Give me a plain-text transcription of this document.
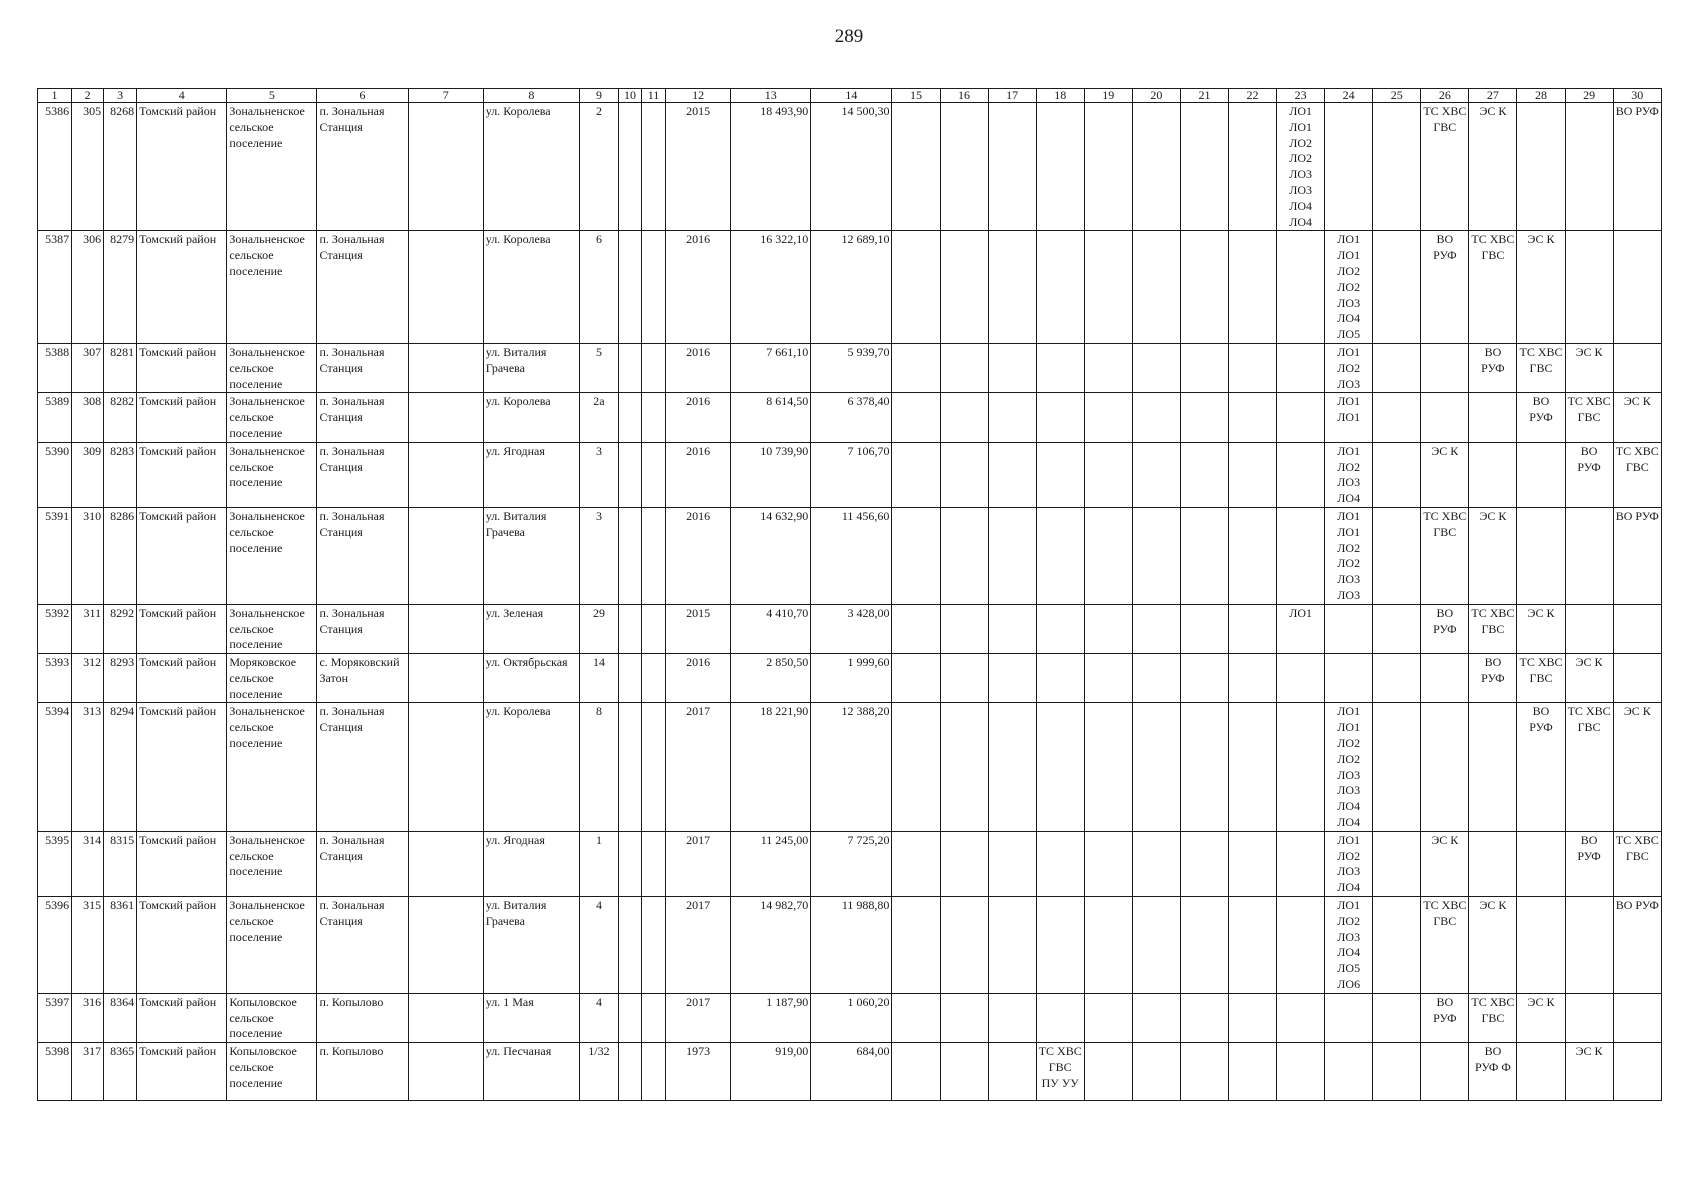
289
1	2	3	4	5	6	7	8	9	10	11	12	13	14	15	16	17	18	19	20	21	22	23	24	25	26	27	28	29	30
5386	305	8268	Томский район	Зональненское сельское поселение	п. Зональная Станция		ул. Королева	2			2015	18 493,90	14 500,30									ЛО1 ЛО1 ЛО2 ЛО2 ЛО3 ЛО3 ЛО4 ЛО4			ТС ХВС ГВС	ЭС К			ВО РУФ
5387	306	8279	Томский район	Зональненское сельское поселение	п. Зональная Станция		ул. Королева	6			2016	16 322,10	12 689,10										ЛО1 ЛО1 ЛО2 ЛО2 ЛО3 ЛО4 ЛО5		ВО РУФ	ТС ХВС ГВС	ЭС К		
5388	307	8281	Томский район	Зональненское сельское поселение	п. Зональная Станция		ул. Виталия Грачева	5			2016	7 661,10	5 939,70										ЛО1 ЛО2 ЛО3			ВО РУФ	ТС ХВС ГВС	ЭС К	
5389	308	8282	Томский район	Зональненское сельское поселение	п. Зональная Станция		ул. Королева	2а			2016	8 614,50	6 378,40										ЛО1 ЛО1				ВО РУФ	ТС ХВС ГВС	ЭС К
5390	309	8283	Томский район	Зональненское сельское поселение	п. Зональная Станция		ул. Ягодная	3			2016	10 739,90	7 106,70										ЛО1 ЛО2 ЛО3 ЛО4		ЭС К			ВО РУФ	ТС ХВС ГВС
5391	310	8286	Томский район	Зональненское сельское поселение	п. Зональная Станция		ул. Виталия Грачева	3			2016	14 632,90	11 456,60										ЛО1 ЛО1 ЛО2 ЛО2 ЛО3 ЛО3		ТС ХВС ГВС	ЭС К			ВО РУФ
5392	311	8292	Томский район	Зональненское сельское поселение	п. Зональная Станция		ул. Зеленая	29			2015	4 410,70	3 428,00									ЛО1			ВО РУФ	ТС ХВС ГВС	ЭС К		
5393	312	8293	Томский район	Моряковское сельское поселение	с. Моряковский Затон		ул. Октябрьская	14			2016	2 850,50	1 999,60													ВО РУФ	ТС ХВС ГВС	ЭС К	
5394	313	8294	Томский район	Зональненское сельское поселение	п. Зональная Станция		ул. Королева	8			2017	18 221,90	12 388,20										ЛО1 ЛО1 ЛО2 ЛО2 ЛО3 ЛО3 ЛО4 ЛО4				ВО РУФ	ТС ХВС ГВС	ЭС К
5395	314	8315	Томский район	Зональненское сельское поселение	п. Зональная Станция		ул. Ягодная	1			2017	11 245,00	7 725,20										ЛО1 ЛО2 ЛО3 ЛО4		ЭС К			ВО РУФ	ТС ХВС ГВС
5396	315	8361	Томский район	Зональненское сельское поселение	п. Зональная Станция		ул. Виталия Грачева	4			2017	14 982,70	11 988,80										ЛО1 ЛО2 ЛО3 ЛО4 ЛО5 ЛО6		ТС ХВС ГВС	ЭС К			ВО РУФ
5397	316	8364	Томский район	Копыловское сельское поселение	п. Копылово		ул. 1 Мая	4			2017	1 187,90	1 060,20												ВО РУФ	ТС ХВС ГВС	ЭС К		
5398	317	8365	Томский район	Копыловское сельское поселение	п. Копылово		ул. Песчаная	1/32			1973	919,00	684,00				ТС ХВС ГВС ПУ УУ									ВО РУФ Ф		ЭС К	
